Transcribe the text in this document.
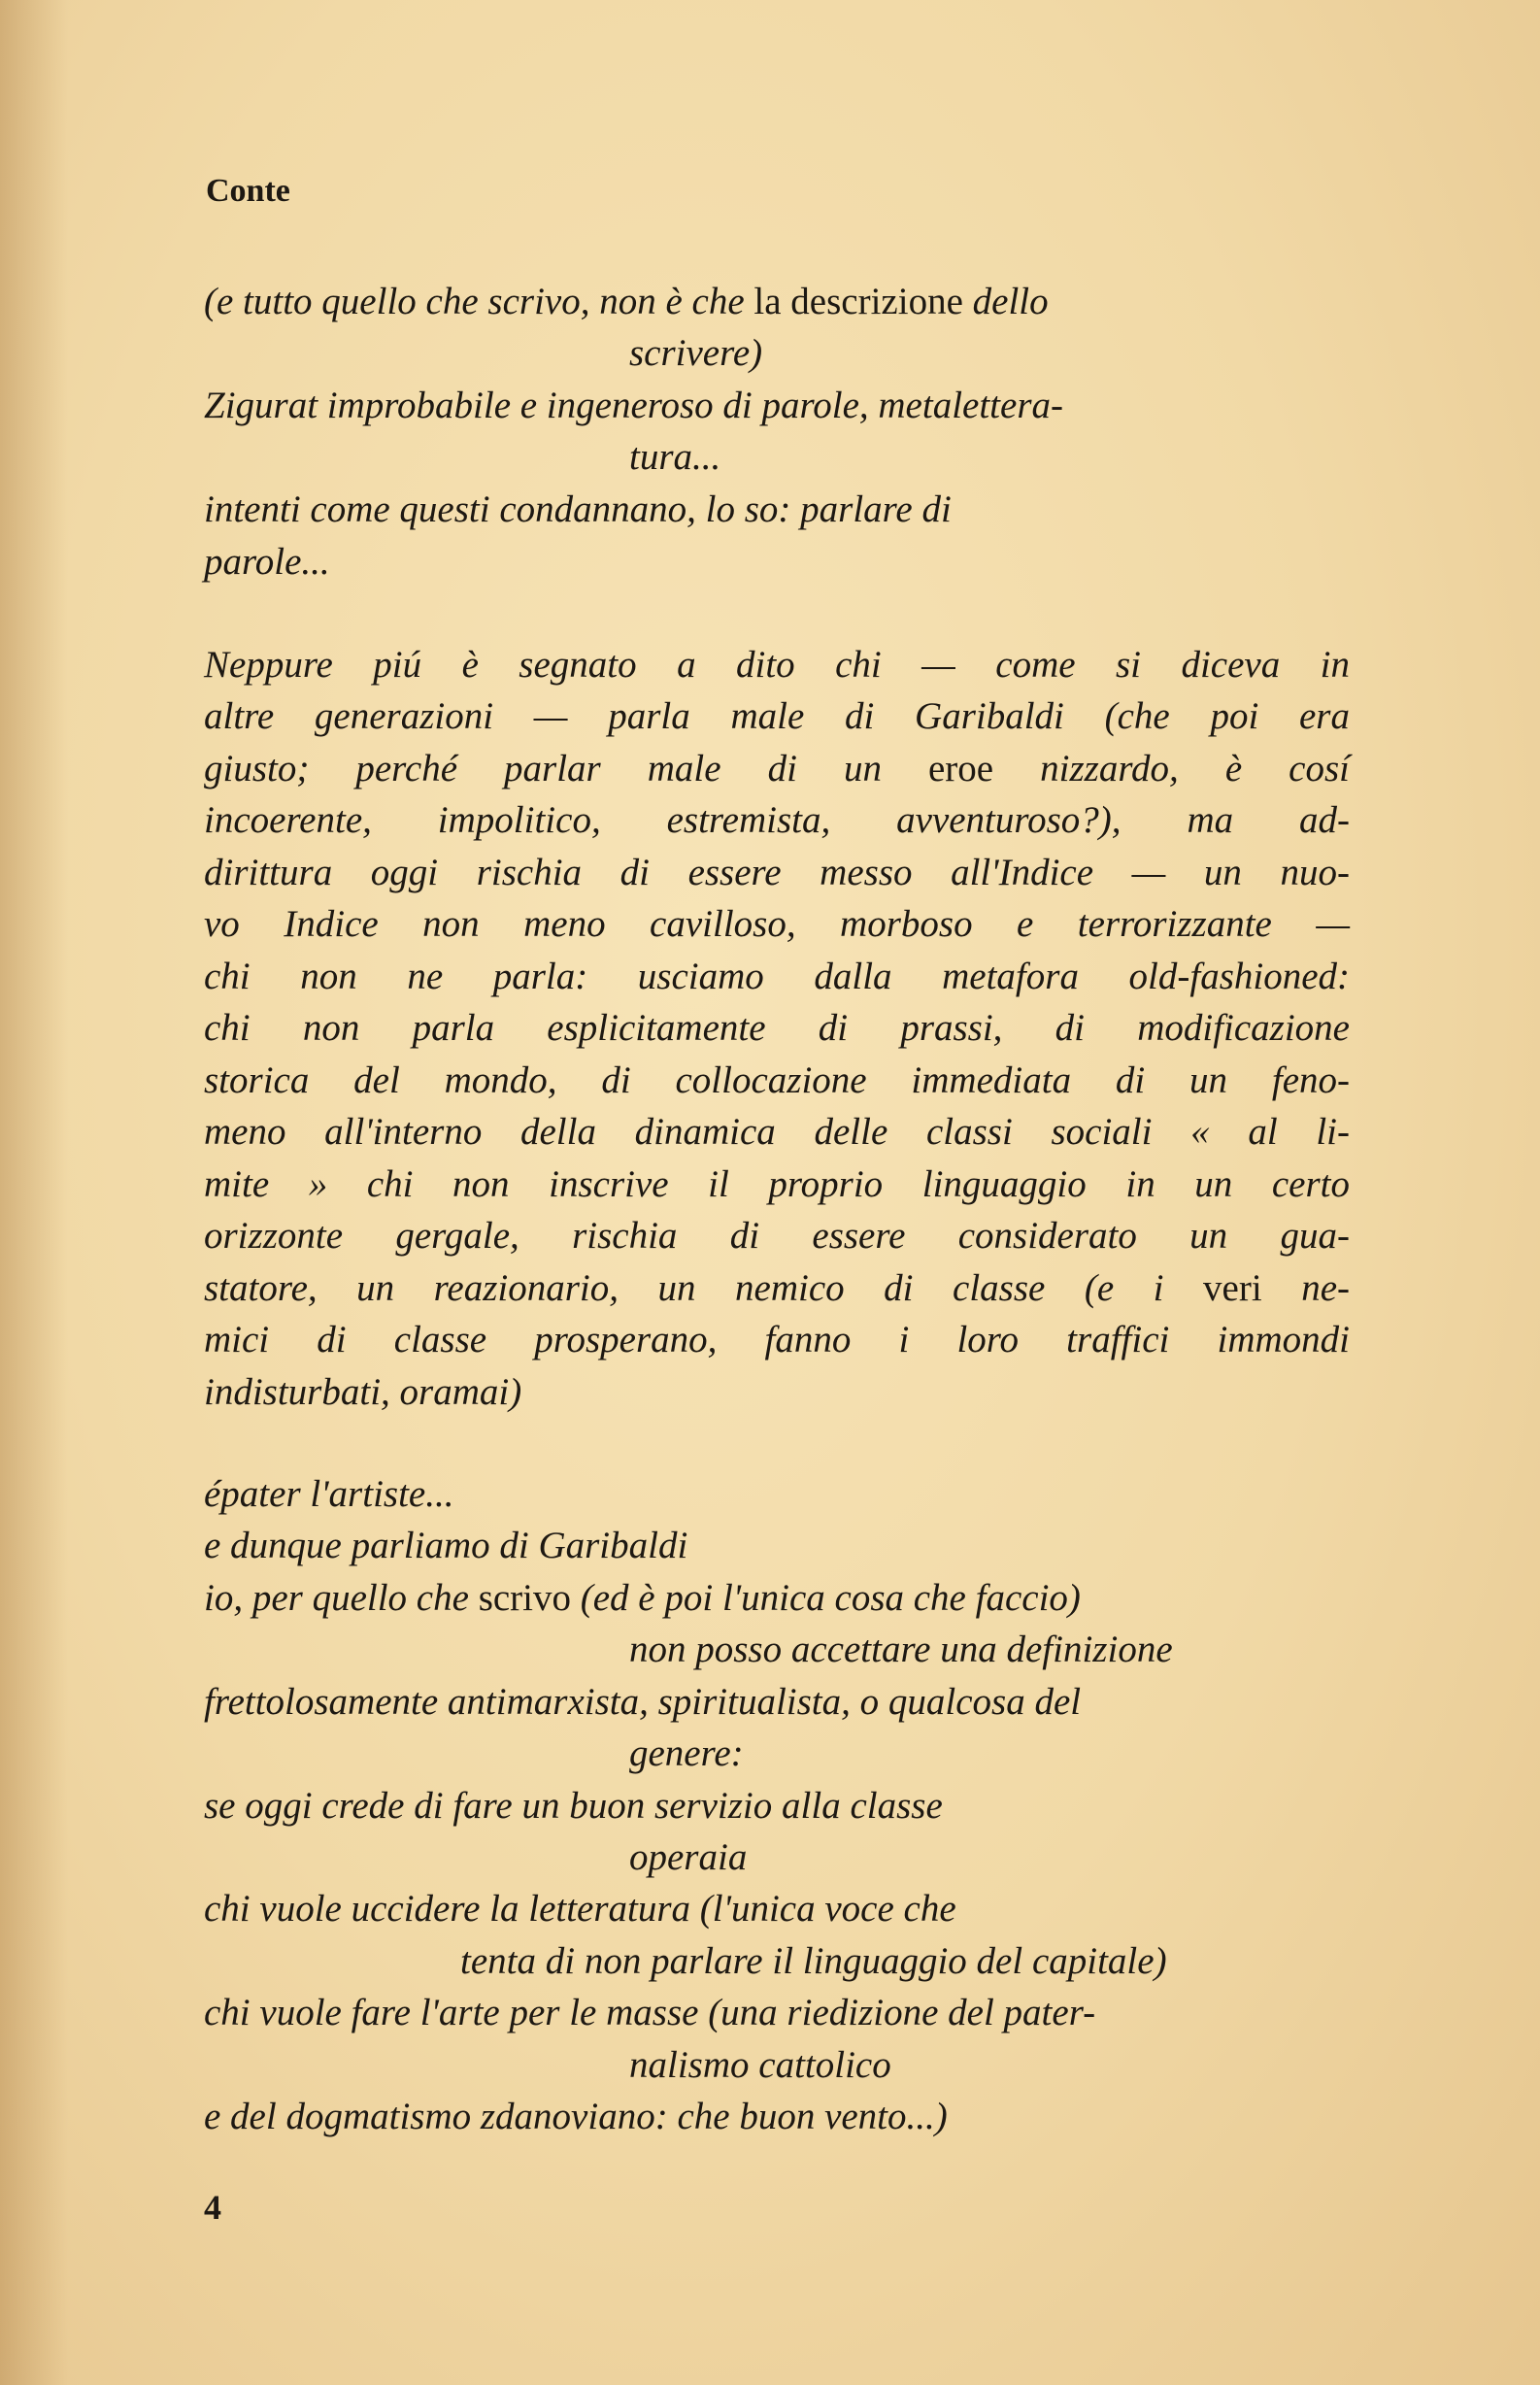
Conte
(e tutto quello che scrivo, non è che la descrizione dello
scrivere)
Zigurat improbabile e ingeneroso di parole, metalettera-
tura...
intenti come questi condannano, lo so: parlare di
parole...
Neppure piú è segnato a dito chi — come si diceva in
altre generazioni — parla male di Garibaldi (che poi era
giusto; perché parlar male di un eroe nizzardo, è cosí
incoerente, impolitico, estremista, avventuroso?), ma ad-
dirittura oggi rischia di essere messo all'Indice — un nuo-
vo Indice non meno cavilloso, morboso e terrorizzante —
chi non ne parla: usciamo dalla metafora old-fashioned:
chi non parla esplicitamente di prassi, di modificazione
storica del mondo, di collocazione immediata di un feno-
meno all'interno della dinamica delle classi sociali « al li-
mite » chi non inscrive il proprio linguaggio in un certo
orizzonte gergale, rischia di essere considerato un gua-
statore, un reazionario, un nemico di classe (e i veri ne-
mici di classe prosperano, fanno i loro traffici immondi
indisturbati, oramai)
épater l'artiste...
e dunque parliamo di Garibaldi
io, per quello che scrivo (ed è poi l'unica cosa che faccio)
non posso accettare una definizione
frettolosamente antimarxista, spiritualista, o qualcosa del
genere:
se oggi crede di fare un buon servizio alla classe
operaia
chi vuole uccidere la letteratura (l'unica voce che
tenta di non parlare il linguaggio del capitale)
chi vuole fare l'arte per le masse (una riedizione del pater-
nalismo cattolico
e del dogmatismo zdanoviano: che buon vento...)
4
